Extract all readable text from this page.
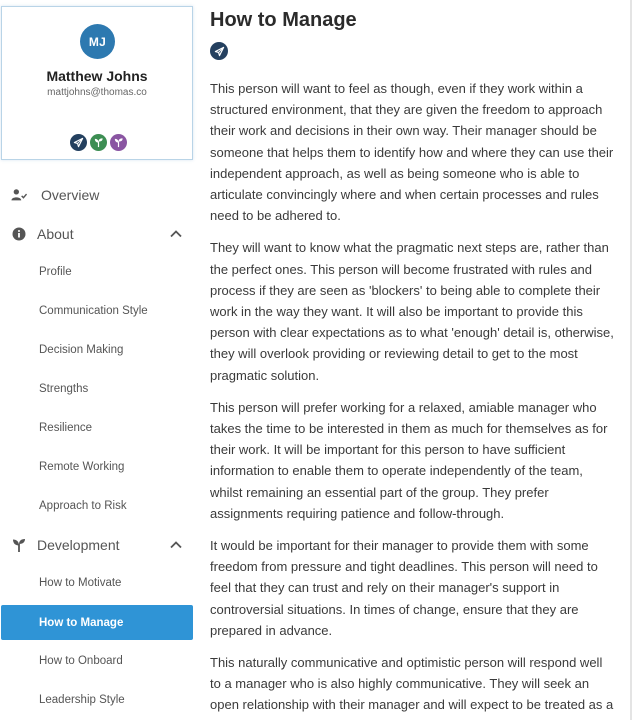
MJ
Matthew Johns
mattjohns@thomas.co
Overview
About
Profile
Communication Style
Decision Making
Strengths
Resilience
Remote Working
Approach to Risk
Development
How to Motivate
How to Manage
How to Onboard
Leadership Style
How to Manage

This person will want to feel as though, even if they work within a structured environment, that they are given the freedom to approach their work and decisions in their own way. Their manager should be someone that helps them to identify how and where they can use their independent approach, as well as being someone who is able to articulate convincingly where and when certain processes and rules need to be adhered to.

They will want to know what the pragmatic next steps are, rather than the perfect ones. This person will become frustrated with rules and process if they are seen as 'blockers' to being able to complete their work in the way they want. It will also be important to provide this person with clear expectations as to what 'enough' detail is, otherwise, they will overlook providing or reviewing detail to get to the most pragmatic solution.

This person will prefer working for a relaxed, amiable manager who takes the time to be interested in them as much for themselves as for their work. It will be important for this person to have sufficient information to enable them to operate independently of the team, whilst remaining an essential part of the group. They prefer assignments requiring patience and follow-through.

It would be important for their manager to provide them with some freedom from pressure and tight deadlines. This person will need to feel that they can trust and rely on their manager's support in controversial situations. In times of change, ensure that they are prepared in advance.

This naturally communicative and optimistic person will respond well to a manager who is also highly communicative. They will seek an open relationship with their manager and will expect to be treated as a
